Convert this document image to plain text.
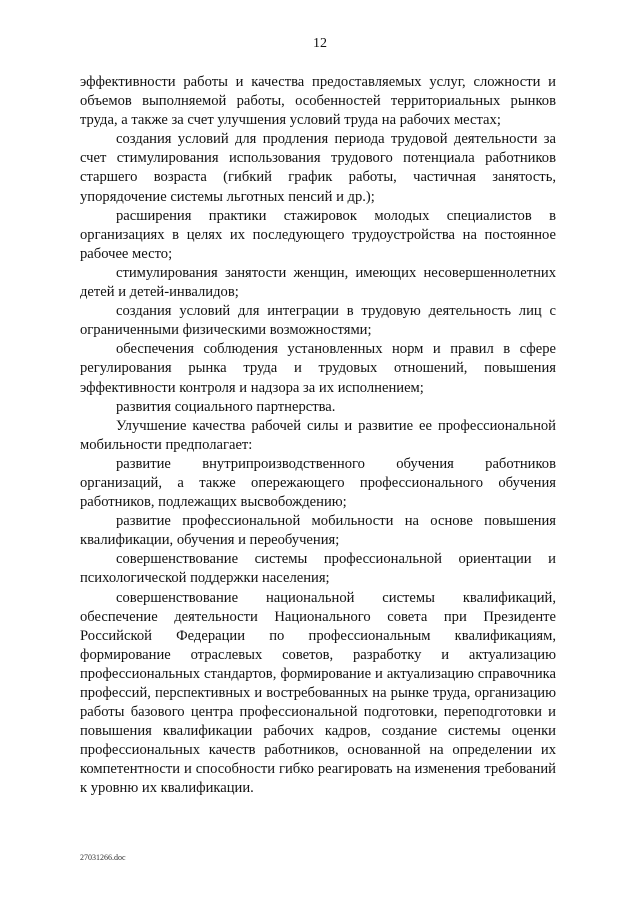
12

эффективности работы и качества предоставляемых услуг, сложности и объемов выполняемой работы, особенностей территориальных рынков труда, а также за счет улучшения условий труда на рабочих местах;

создания условий для продления периода трудовой деятельности за счет стимулирования использования трудового потенциала работников старшего возраста (гибкий график работы, частичная занятость, упорядочение системы льготных пенсий и др.);

расширения практики стажировок молодых специалистов в организациях в целях их последующего трудоустройства на постоянное рабочее место;

стимулирования занятости женщин, имеющих несовершеннолетних детей и детей-инвалидов;

создания условий для интеграции в трудовую деятельность лиц с ограниченными физическими возможностями;

обеспечения соблюдения установленных норм и правил в сфере регулирования рынка труда и трудовых отношений, повышения эффективности контроля и надзора за их исполнением;

развития социального партнерства.

Улучшение качества рабочей силы и развитие ее профессиональной мобильности предполагает:

развитие внутрипроизводственного обучения работников организаций, а также опережающего профессионального обучения работников, подлежащих высвобождению;

развитие профессиональной мобильности на основе повышения квалификации, обучения и переобучения;

совершенствование системы профессиональной ориентации и психологической поддержки населения;

совершенствование национальной системы квалификаций, обеспечение деятельности Национального совета при Президенте Российской Федерации по профессиональным квалификациям, формирование отраслевых советов, разработку и актуализацию профессиональных стандартов, формирование и актуализацию справочника профессий, перспективных и востребованных на рынке труда, организацию работы базового центра профессиональной подготовки, переподготовки и повышения квалификации рабочих кадров, создание системы оценки профессиональных качеств работников, основанной на определении их компетентности и способности гибко реагировать на изменения требований к уровню их квалификации.

27031266.doc
